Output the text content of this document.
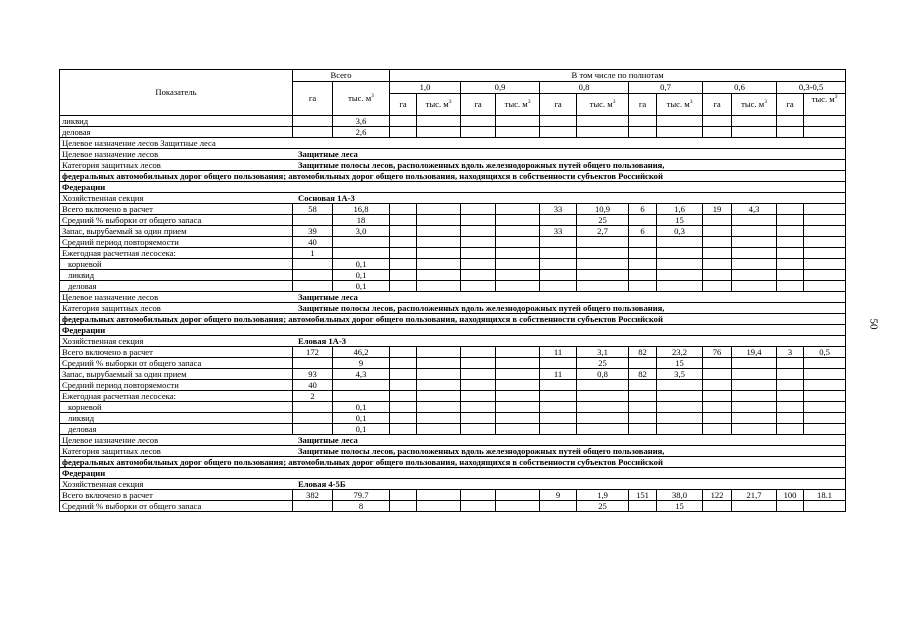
Показатель	Всего		В том числе по полнотам											
	га	тыс. $м^3$	1,0		0,9		0,8		0,7		0,6		0,3-0,5	
			га	тыс. $м^3$	га	тыс. $м^3$	га	тыс. $м^3$	га	тыс. $м^3$	га	тыс. $м^3$	га	тыс. $м^3$
ликвид		3,6												
деловая		2,6												
Целевое назначение лесов Защитные леса														
Целевое назначение лесов Защитные леса														
Категория защитных лесов Защитные полосы лесов, расположенных вдоль железнодорожных путей общего пользования,														
федеральных автомобильных дорог общего пользования; автомобильных дорог общего пользования, находящихся в собственности субъектов Российской														
Федерации														
Хозяйственная секция Сосновая 1А-3														
Всего включено в расчет	58	16,8					33	10,9	6	1,6	19	4,3		
Средний % выборки от общего запаса		18						25		15				
Запас, вырубаемый за один прием	39	3,0					33	2,7	6	0,3				
Средний период повторяемости	40													
Ежегодная расчетная лесосека:	1													
корневой		0,1												
ликвид		0,1												
деловая		0,1												
Целевое назначение лесов Защитные леса														
Категория защитных лесов Защитные полосы лесов, расположенных вдоль железнодорожных путей общего пользования,														
федеральных автомобильных дорог общего пользования; автомобильных дорог общего пользования, находящихся в собственности субъектов Российской														
Федерации														
Хозяйственная секция Еловая 1А-3														
Всего включено в расчет	172	46,2					11	3,1	82	23,2	76	19,4	3	0,5
Средний % выборки от общего запаса		9						25		15				
Запас, вырубаемый за один прием	93	4,3					11	0,8	82	3,5				
Средний период повторяемости	40													
Ежегодная расчетная лесосека:	2													
корневой		0,1												
ликвид		0,1												
деловая		0,1												
Целевое назначение лесов Защитные леса														
Категория защитных лесов Защитные полосы лесов, расположенных вдоль железнодорожных путей общего пользования,														
федеральных автомобильных дорог общего пользования; автомобильных дорог общего пользования, находящихся в собственности субъектов Российской														
Федерации														
Хозяйственная секция Еловая 4-5Б														
Всего включено в расчет	382	79.7					9	1,9	151	38,0	122	21,7	100	18.1
Средний % выборки от общего запаса		8						25		15				
50
